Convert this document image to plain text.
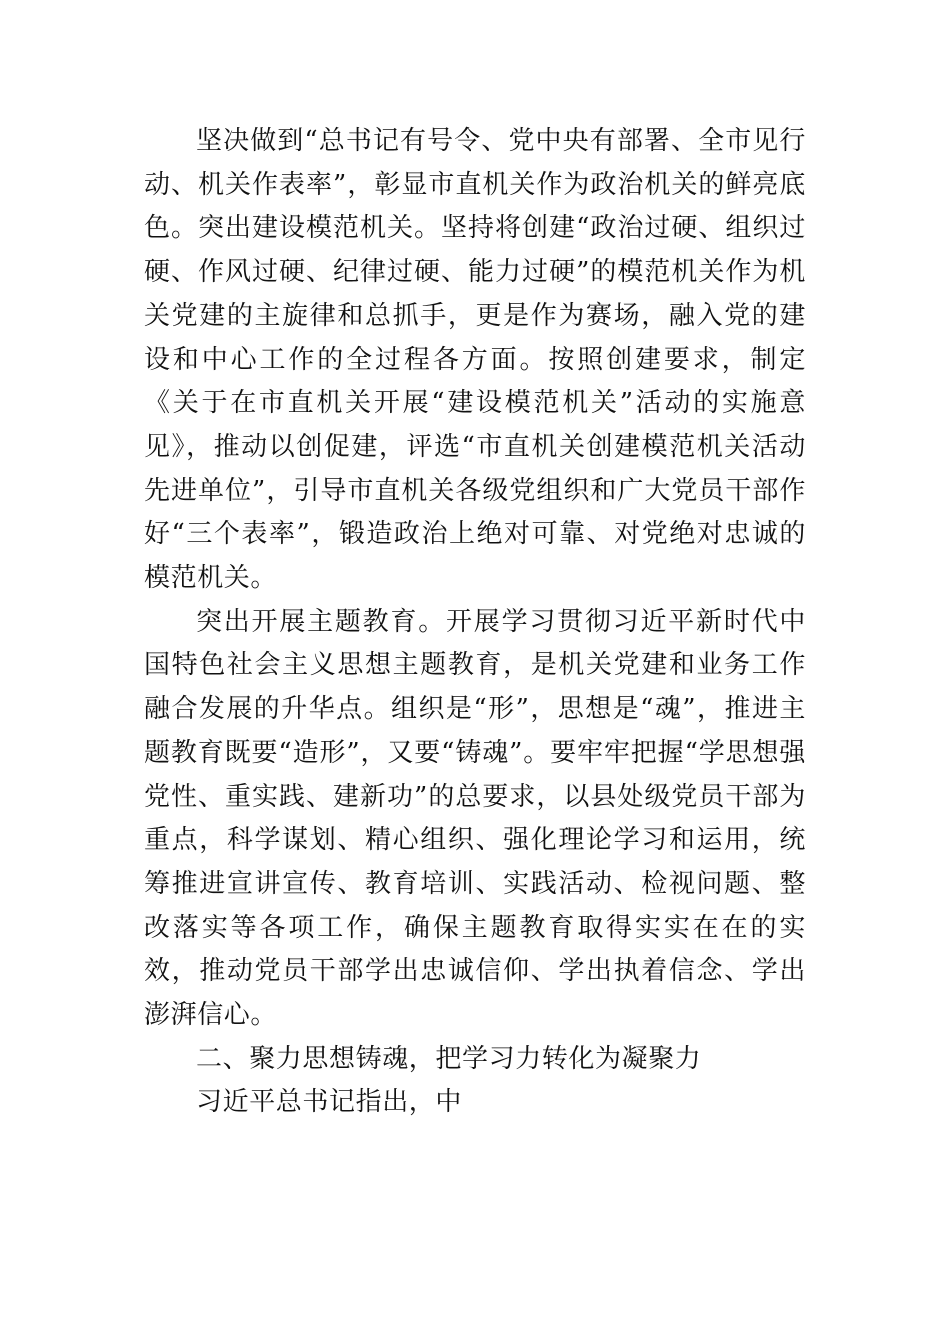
坚决做到“总书记有号令、党中央有部署、全市见行动、机关作表率”，彰显市直机关作为政治机关的鲜亮底色。突出建设模范机关。坚持将创建“政治过硬、组织过硬、作风过硬、纪律过硬、能力过硬”的模范机关作为机关党建的主旋律和总抓手，更是作为赛场，融入党的建设和中心工作的全过程各方面。按照创建要求，制定《关于在市直机关开展“建设模范机关”活动的实施意见》，推动以创促建，评选“市直机关创建模范机关活动先进单位”，引导市直机关各级党组织和广大党员干部作好“三个表率”，锻造政治上绝对可靠、对党绝对忠诚的模范机关。

突出开展主题教育。开展学习贯彻习近平新时代中国特色社会主义思想主题教育，是机关党建和业务工作融合发展的升华点。组织是“形”，思想是“魂”，推进主题教育既要“造形”，又要“铸魂”。要牢牢把握“学思想强党性、重实践、建新功”的总要求，以县处级党员干部为重点，科学谋划、精心组织、强化理论学习和运用，统筹推进宣讲宣传、教育培训、实践活动、检视问题、整改落实等各项工作，确保主题教育取得实实在在的实效，推动党员干部学出忠诚信仰、学出执着信念、学出澎湃信心。

二、聚力思想铸魂，把学习力转化为凝聚力

习近平总书记指出，中
